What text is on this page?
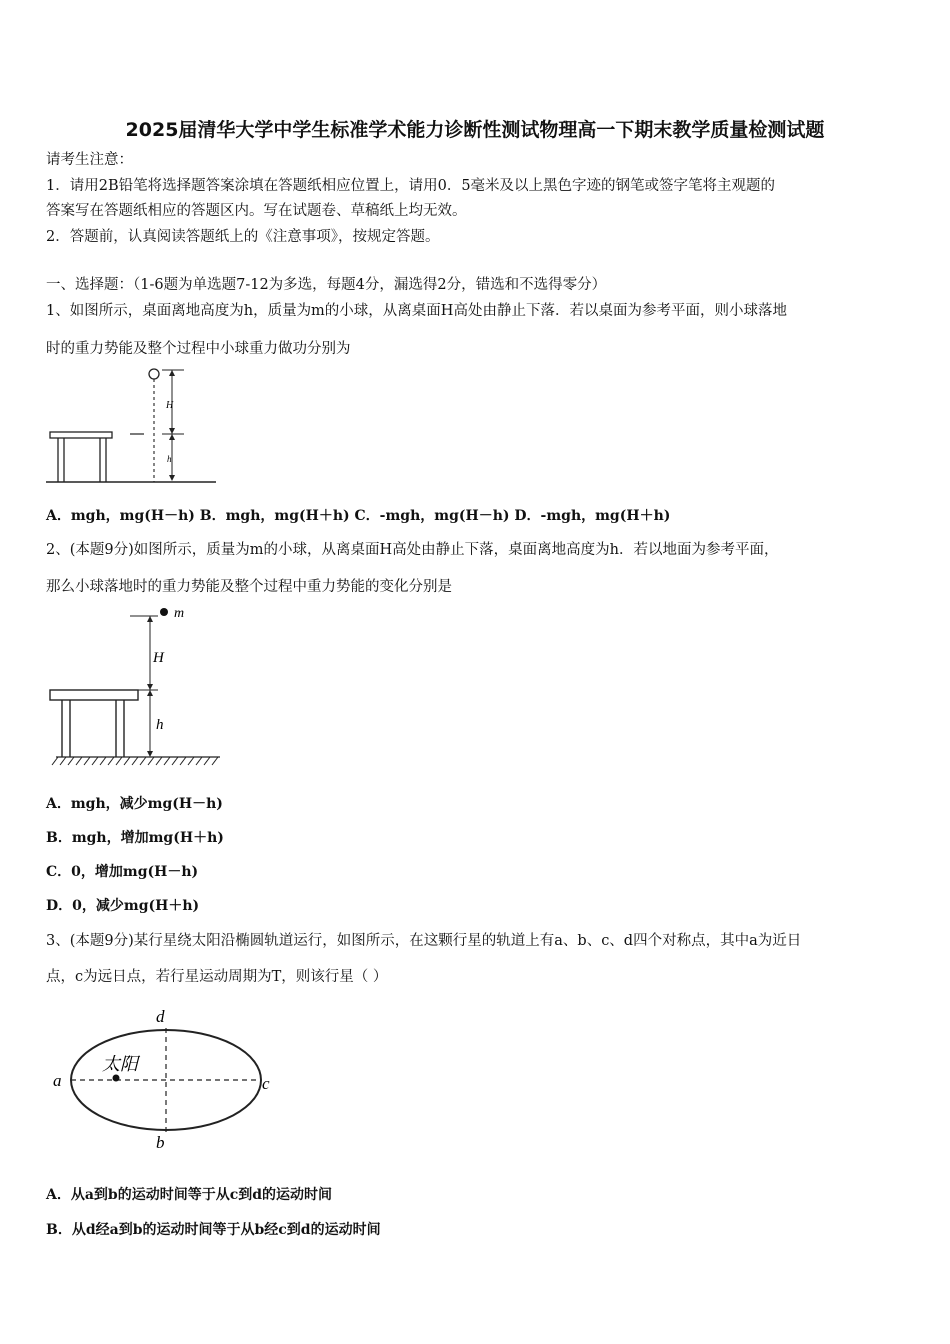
2025届清华大学中学生标准学术能力诊断性测试物理高一下期末教学质量检测试题
请考生注意：
1．请用2B铅笔将选择题答案涂填在答题纸相应位置上，请用0．5毫米及以上黑色字迹的钢笔或签字笔将主观题的
答案写在答题纸相应的答题区内。写在试题卷、草稿纸上均无效。
2．答题前，认真阅读答题纸上的《注意事项》，按规定答题。
一、选择题：（1-6题为单选题7-12为多选，每题4分，漏选得2分，错选和不选得零分）
1、如图所示，桌面离地高度为h，质量为m的小球，从离桌面H高处由静止下落．若以桌面为参考平面，则小球落地
时的重力势能及整个过程中小球重力做功分别为
H
h
A．mgh，mg(H－h) B．mgh，mg(H＋h) C．-mgh，mg(H－h) D．-mgh，mg(H＋h)
2、(本题9分)如图所示，质量为m的小球，从离桌面H高处由静止下落，桌面离地高度为h．若以地面为参考平面，
那么小球落地时的重力势能及整个过程中重力势能的变化分别是
m
H
h
A．mgh，减少mg(H－h)
B．mgh，增加mg(H＋h)
C．0，增加mg(H－h)
D．0，减少mg(H＋h)
3、(本题9分)某行星绕太阳沿椭圆轨道运行，如图所示，在这颗行星的轨道上有a、b、c、d四个对称点，其中a为近日
点，c为远日点，若行星运动周期为T，则该行星（ ）
太阳
a
b
c
d
A．从a到b的运动时间等于从c到d的运动时间
B．从d经a到b的运动时间等于从b经c到d的运动时间
